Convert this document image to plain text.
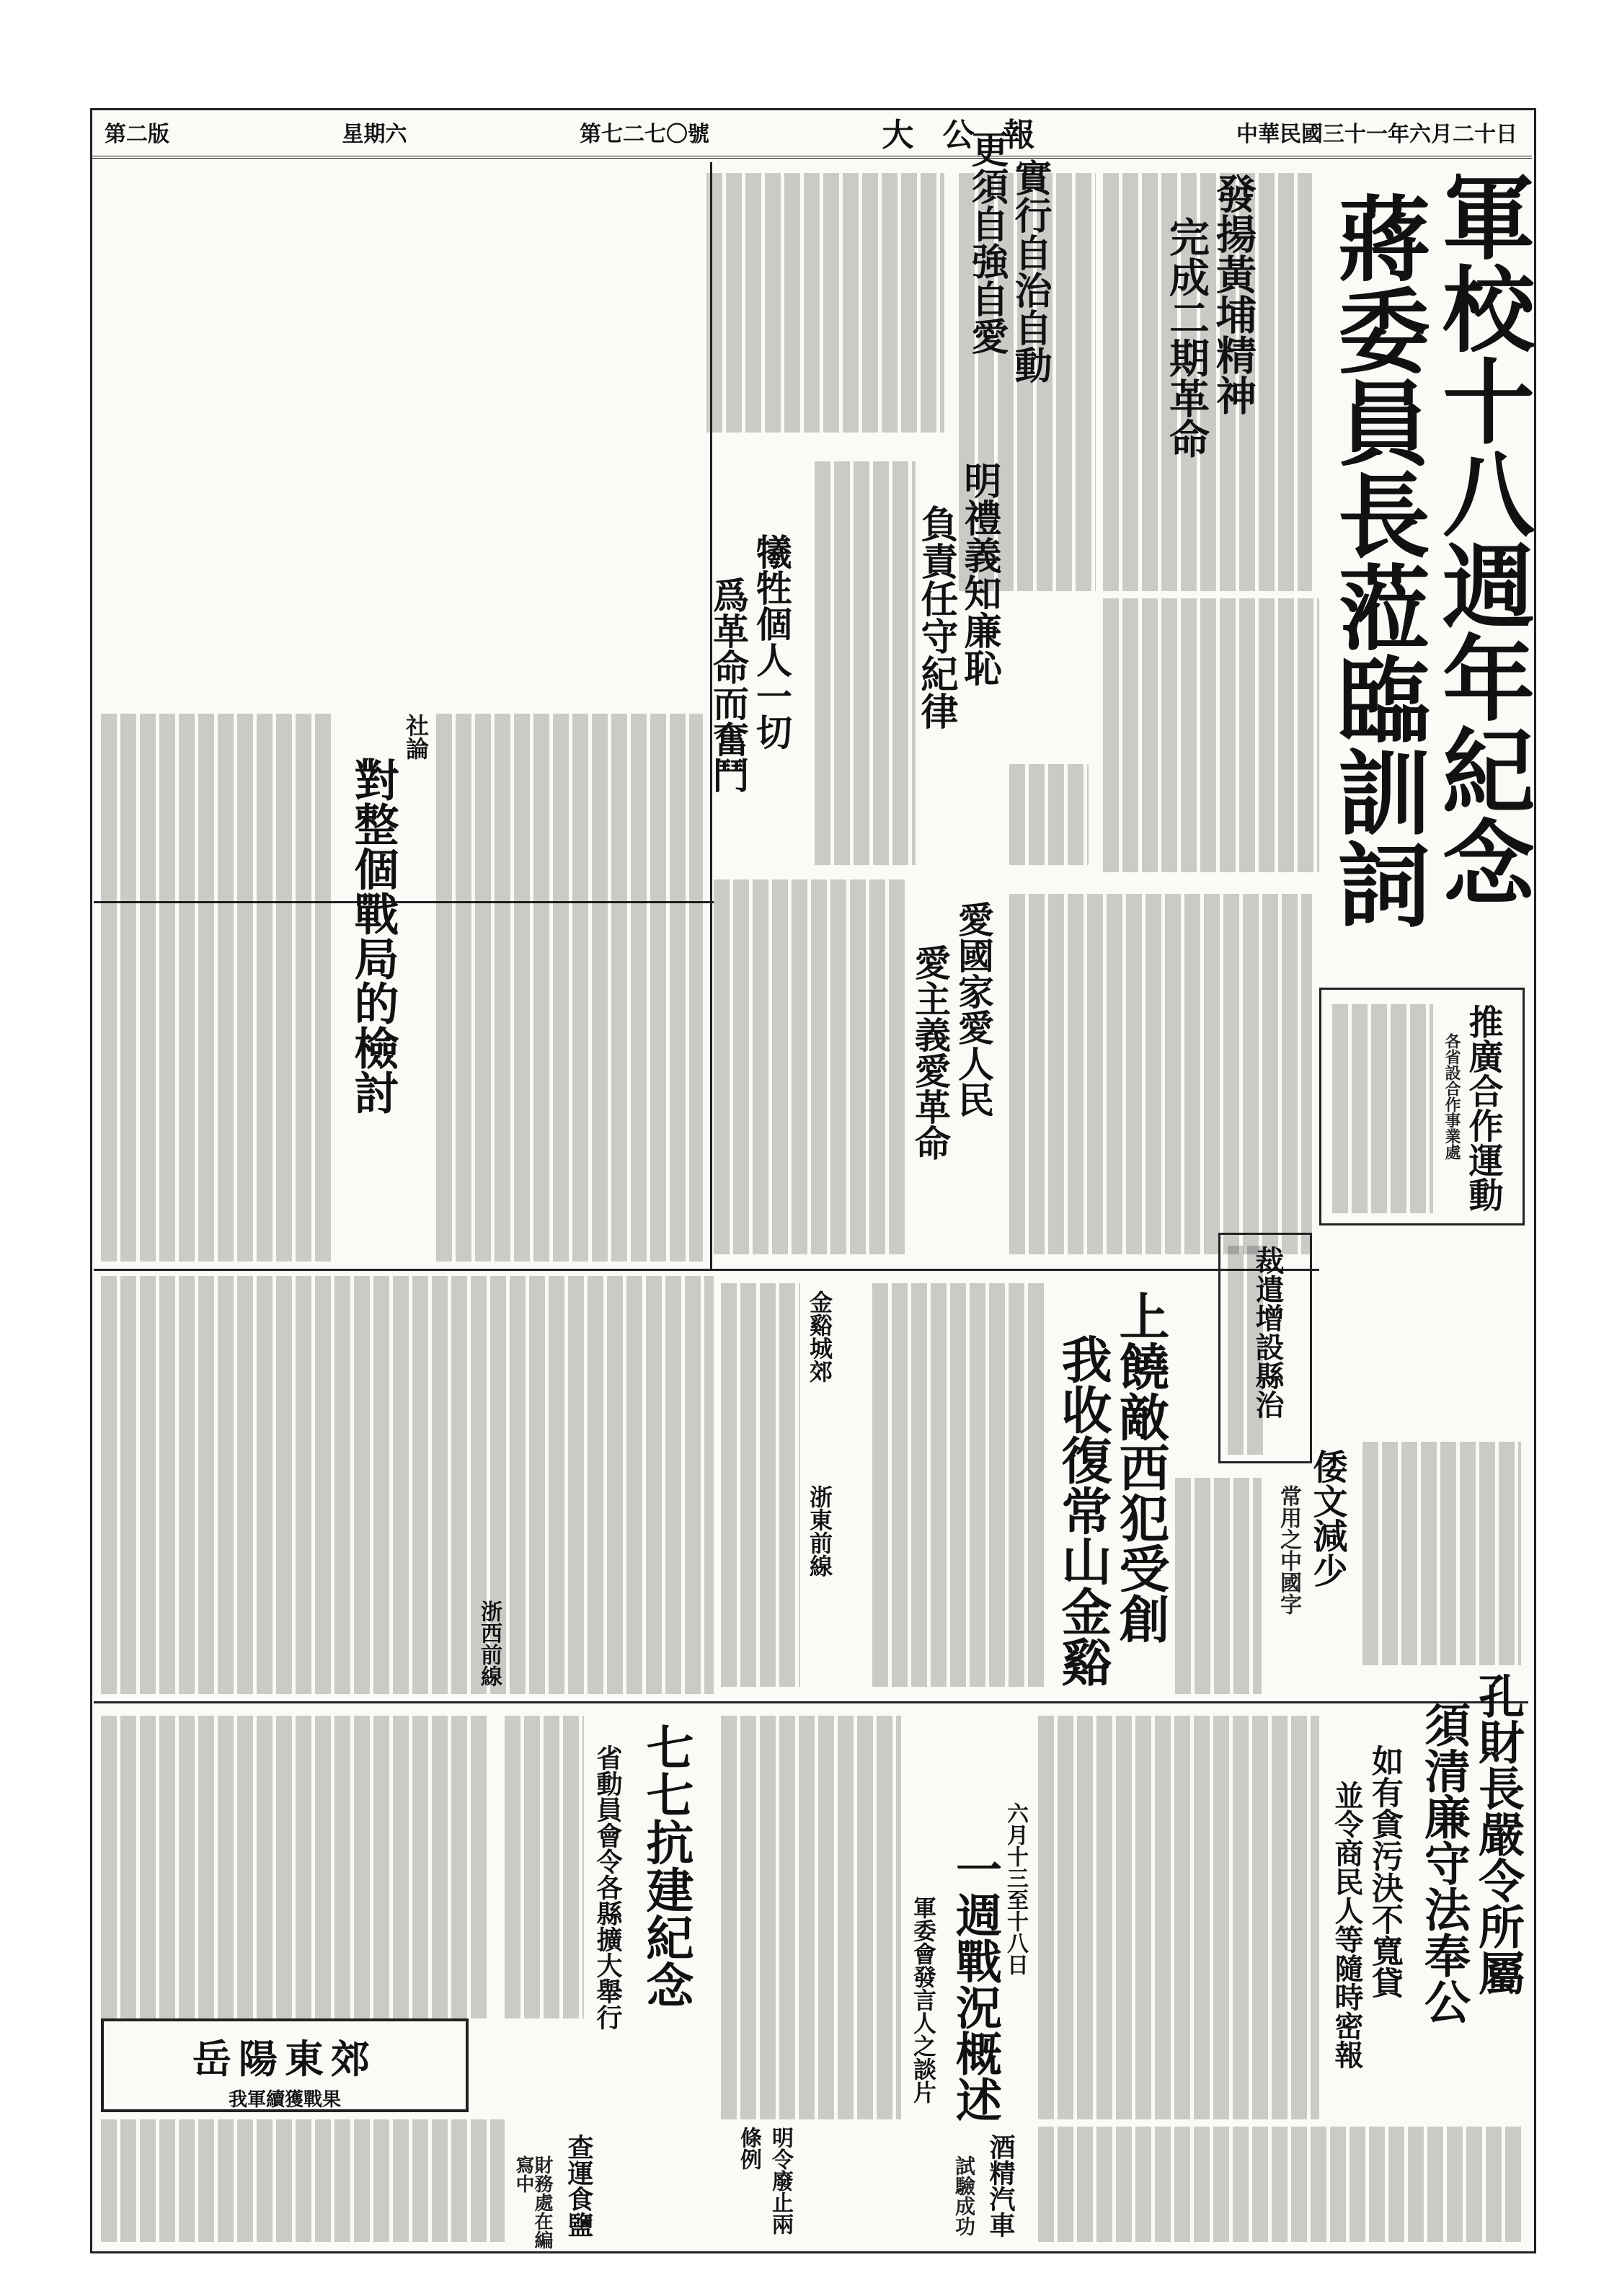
第二版	星期六	第七二七〇號	大公報	中華民國三十一年六月二十日
軍校十八週年紀念
蔣委員長蒞臨訓詞
發揚黃埔精神
完成二期革命
實行自治自動
更須自強自愛
明禮義知廉恥
負責任守紀律
犧牲個人一切
爲革命而奮鬥
愛國家愛人民
愛主義愛革命	推廣合作運動
各省設合作事業處
社論
對整個戰局的檢討
裁遣增設縣治
倭文減少
常用之中國字
上饒敵西犯受創
我收復常山金谿
金谿城郊
浙東前線
浙西前線
孔財長嚴令所屬
須清廉守法奉公
如有貪污決不寬貸
並令商民人等隨時密報
七七抗建紀念
省動員會令各縣擴大舉行	六月十三至十八日
一週戰況概述
軍委會發言人之談片
岳陽東郊
我軍續獲戰果
酒精汽車
試驗成功
明令廢止兩條例
查運食鹽
財務處在編寫中
